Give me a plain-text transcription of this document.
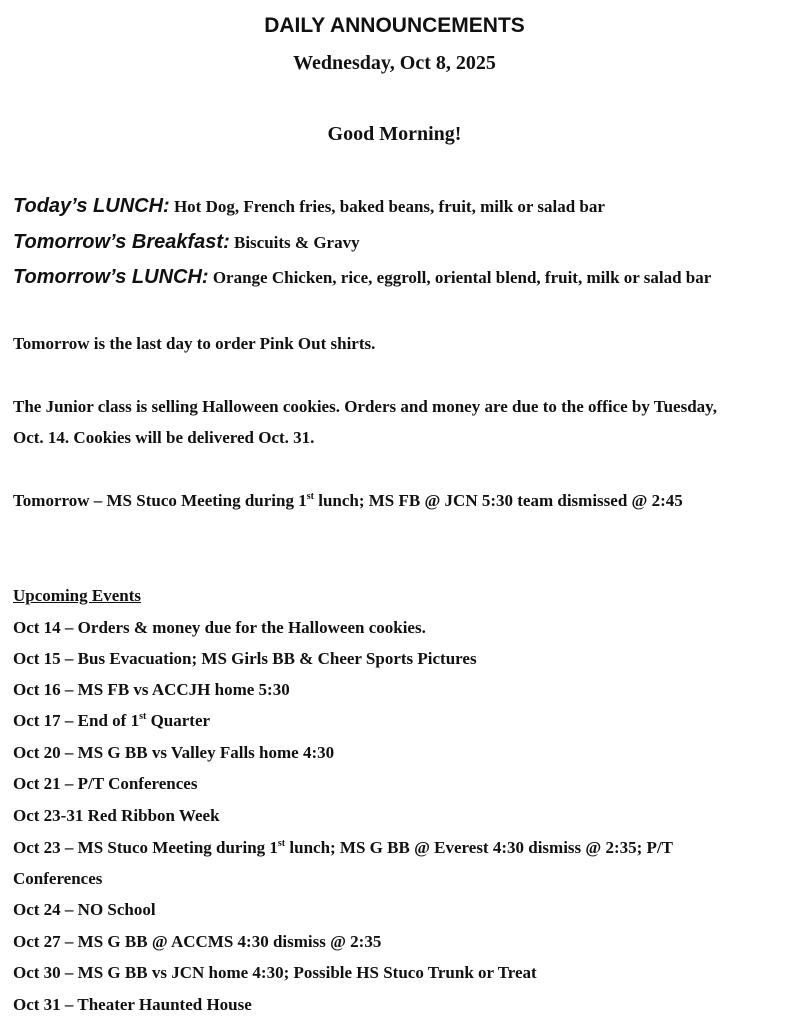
DAILY ANNOUNCEMENTS
Wednesday, Oct 8, 2025
Good Morning!
Today’s LUNCH: Hot Dog, French fries, baked beans, fruit, milk or salad bar
Tomorrow’s Breakfast: Biscuits & Gravy
Tomorrow’s LUNCH: Orange Chicken, rice, eggroll, oriental blend, fruit, milk or salad bar
Tomorrow is the last day to order Pink Out shirts.
The Junior class is selling Halloween cookies. Orders and money are due to the office by Tuesday,
Oct. 14. Cookies will be delivered Oct. 31.
Tomorrow – MS Stuco Meeting during 1st lunch; MS FB @ JCN 5:30 team dismissed @ 2:45
Upcoming Events
Oct 14 – Orders & money due for the Halloween cookies.
Oct 15 – Bus Evacuation; MS Girls BB & Cheer Sports Pictures
Oct 16 – MS FB vs ACCJH home 5:30
Oct 17 – End of 1st Quarter
Oct 20 – MS G BB vs Valley Falls home 4:30
Oct 21 – P/T Conferences
Oct 23-31 Red Ribbon Week
Oct 23 – MS Stuco Meeting during 1st lunch; MS G BB @ Everest 4:30 dismiss @ 2:35; P/T
Conferences
Oct 24 – NO School
Oct 27 – MS G BB @ ACCMS 4:30 dismiss @ 2:35
Oct 30 – MS G BB vs JCN home 4:30; Possible HS Stuco Trunk or Treat
Oct 31 – Theater Haunted House
